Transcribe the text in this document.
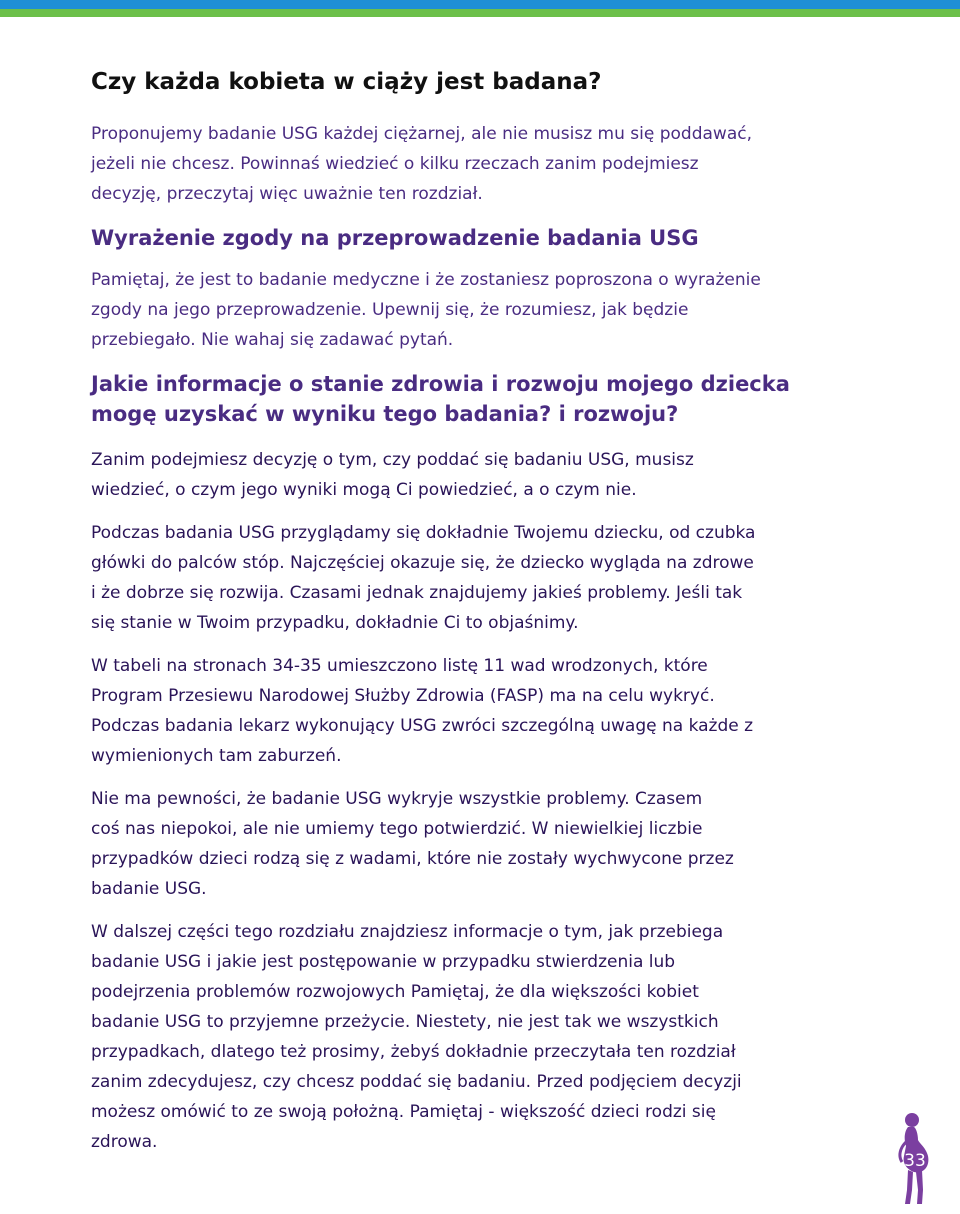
Czy każda kobieta w ciąży jest badana?

Proponujemy badanie USG każdej ciężarnej, ale nie musisz mu się poddawać,
jeżeli nie chcesz. Powinnaś wiedzieć o kilku rzeczach zanim podejmiesz
decyzję, przeczytaj więc uważnie ten rozdział.

Wyrażenie zgody na przeprowadzenie badania USG

Pamiętaj, że jest to badanie medyczne i że zostaniesz poproszona o wyrażenie
zgody na jego przeprowadzenie. Upewnij się, że rozumiesz, jak będzie
przebiegało. Nie wahaj się zadawać pytań.

Jakie informacje o stanie zdrowia i rozwoju mojego dziecka
mogę uzyskać w wyniku tego badania? i rozwoju?

Zanim podejmiesz decyzję o tym, czy poddać się badaniu USG, musisz
wiedzieć, o czym jego wyniki mogą Ci powiedzieć, a o czym nie.

Podczas badania USG przyglądamy się dokładnie Twojemu dziecku, od czubka
główki do palców stóp. Najczęściej okazuje się, że dziecko wygląda na zdrowe
i że dobrze się rozwija. Czasami jednak znajdujemy jakieś problemy. Jeśli tak
się stanie w Twoim przypadku, dokładnie Ci to objaśnimy.

W tabeli na stronach 34-35 umieszczono listę 11 wad wrodzonych, które
Program Przesiewu Narodowej Służby Zdrowia (FASP) ma na celu wykryć.
Podczas badania lekarz wykonujący USG zwróci szczególną uwagę na każde z
wymienionych tam zaburzeń.

Nie ma pewności, że badanie USG wykryje wszystkie problemy. Czasem
coś nas niepokoi, ale nie umiemy tego potwierdzić. W niewielkiej liczbie
przypadków dzieci rodzą się z wadami, które nie zostały wychwycone przez
badanie USG.

W dalszej części tego rozdziału znajdziesz informacje o tym, jak przebiega
badanie USG i jakie jest postępowanie w przypadku stwierdzenia lub
podejrzenia problemów rozwojowych Pamiętaj, że dla większości kobiet
badanie USG to przyjemne przeżycie. Niestety, nie jest tak we wszystkich
przypadkach, dlatego też prosimy, żebyś dokładnie przeczytała ten rozdział
zanim zdecydujesz, czy chcesz poddać się badaniu. Przed podjęciem decyzji
możesz omówić to ze swoją położną. Pamiętaj - większość dzieci rodzi się
zdrowa.

33
